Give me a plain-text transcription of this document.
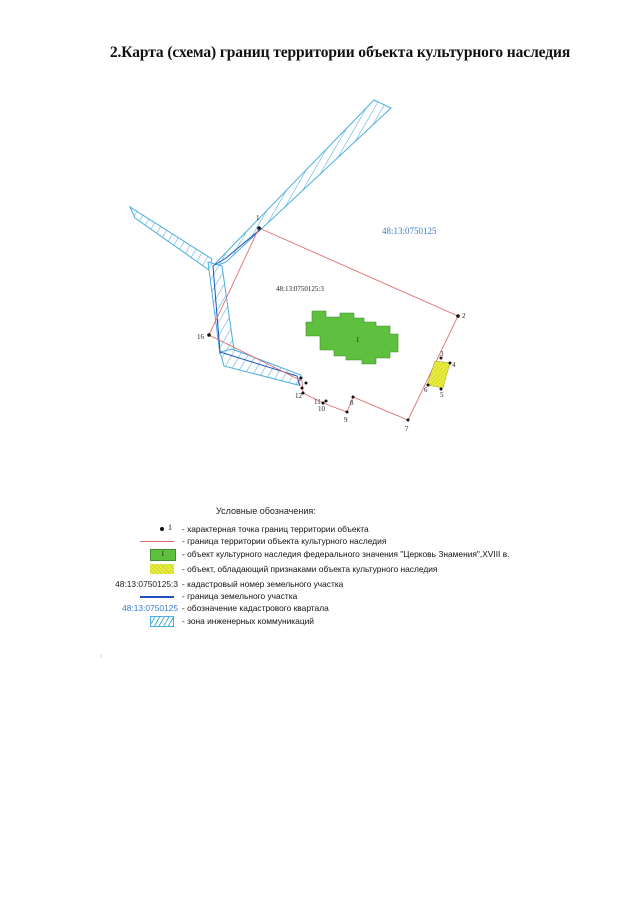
2.Карта (схема) границ территории объекта культурного наследия
1
1
2
3
4
5
6
7
8
9
10
11
12
16
48:13:0750125
48:13:0750125:3
Условные обозначения:
1 - характерная точка границ территории объекта
- граница территории объекта культурного наследия
1 - объект культурного наследия федерального значения "Церковь Знамения",XVIII в.
- объект, обладающий признаками объекта культурного наследия
48:13:0750125:3 - кадастровый номер земельного участка
- граница земельного участка
48:13:0750125 - обозначение кадастрового квартала
- зона инженерных коммуникаций
